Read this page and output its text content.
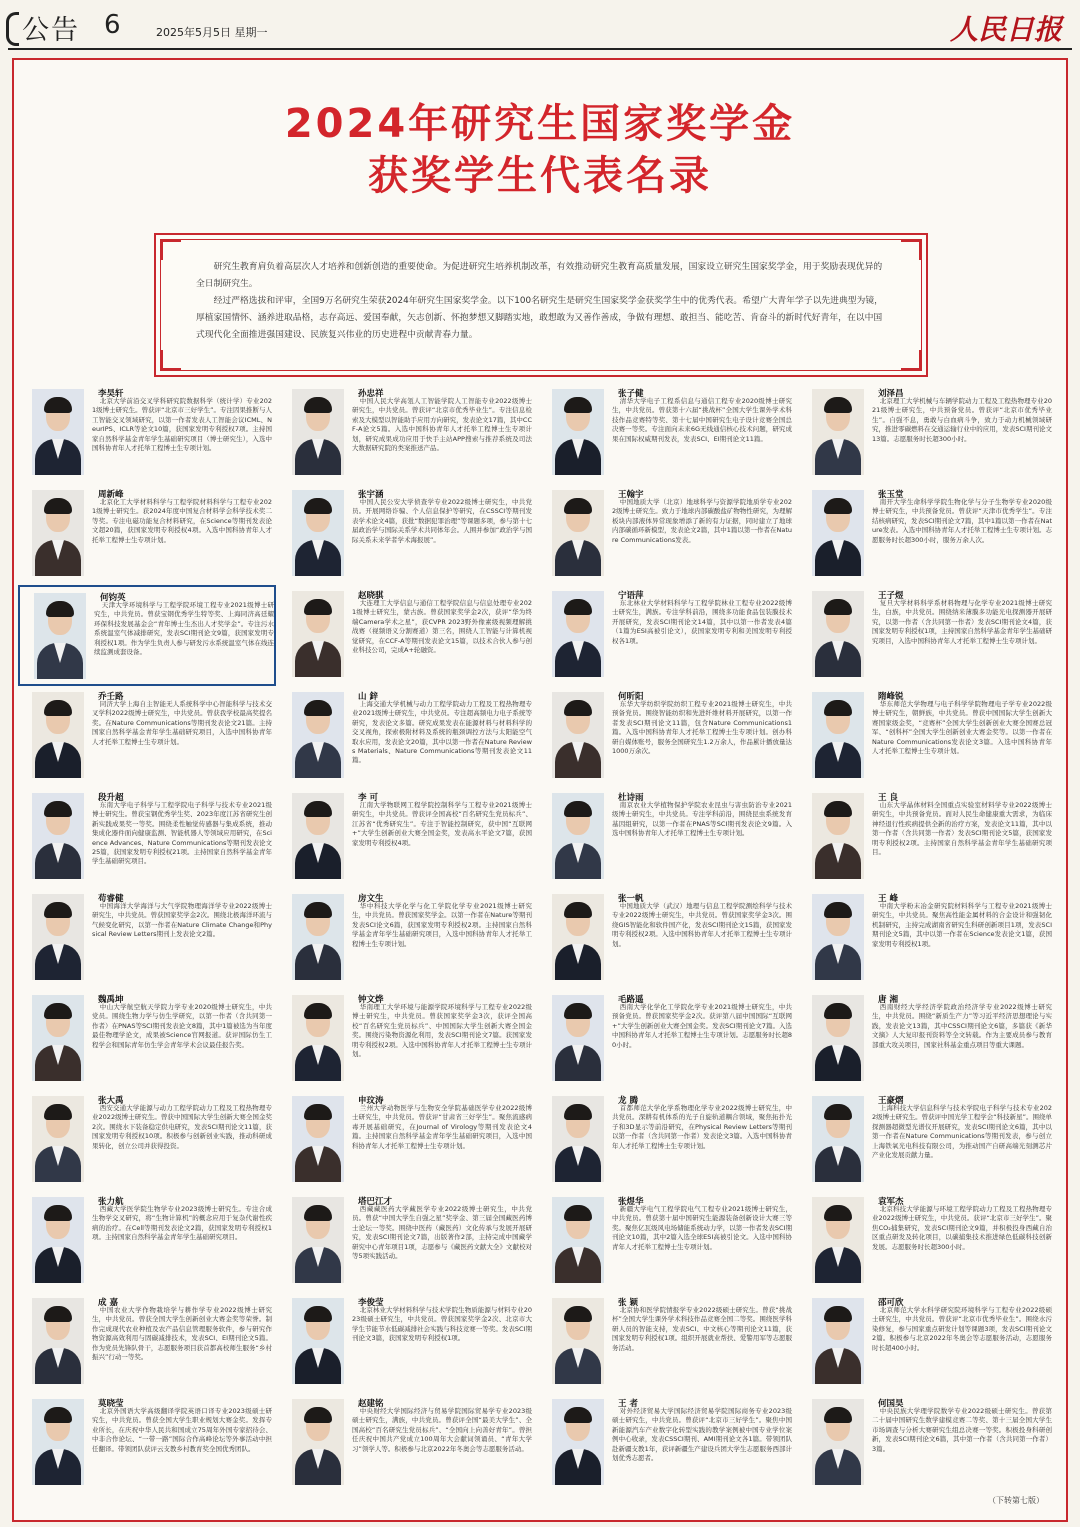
公告 6	2025年5月5日 星期一	人民日报
2024年研究生国家奖学金
获奖学生代表名录

研究生教育肩负着高层次人才培养和创新创造的重要使命。为促进研究生培养机制改革，有效推动研究生教育高质量发展，国家设立研究生国家奖学金，用于奖励表现优异的全日制研究生。

经过严格选拔和评审，全国9万名研究生荣获2024年研究生国家奖学金。以下100名研究生是研究生国家奖学金获奖学生中的优秀代表。希望广大青年学子以先进典型为镜，厚植家国情怀、涵养进取品格，志存高远、爱国奉献，矢志创新、怀抱梦想又脚踏实地，敢想敢为又善作善成，争做有理想、敢担当、能吃苦、肯奋斗的新时代好青年，在以中国式现代化全面推进强国建设、民族复兴伟业的历史进程中贡献青春力量。

李昊轩
北京大学前沿交叉学科研究院数据科学（统计学）专业2021级博士研究生。曾获评“北京市三好学生”。专注因果推断与人工智能交叉领域研究，以第一作者发表人工智能会议ICML、NeurIPS、ICLR等论文10篇，获国家发明专利授权7项。主持国家自然科学基金青年学生基础研究项目（博士研究生），入选中国科协青年人才托举工程博士生专项计划。
孙忠祥
中国人民大学高瓴人工智能学院人工智能专业2022级博士研究生，中共党员。曾获评“北京市优秀毕业生”。专注信息检索及大模型以智能助手应用方向研究，发表论文17篇，其中CCF-A论文5篇。入选中国科协青年人才托举工程博士生专项计划，研究成果成功应用于快手主站APP搜索与推荐系统及司法大数据研究院的类案推送产品。
张子健
清华大学电子工程系信息与通信工程专业2020级博士研究生，中共党员。曾获第十六届“挑战杯”全国大学生课外学术科技作品竞赛特等奖、第十七届中国研究生电子设计竞赛全国总决赛一等奖。专注面向未来6G无线通信核心技术问题，研究成果在国际权威期刊发表，发表SCI、EI期刊论文11篇。
刘泽昌
北京理工大学机械与车辆学院动力工程及工程热物理专业2021级博士研究生，中共预备党员。曾获评“北京市优秀毕业生”。自强不息，勇敢与白血病斗争，致力于动力机械领域研究，推进零碳燃料在交通运输行业中的应用，发表SCI期刊论文13篇。志愿服务时长超300小时。
周新峰
北京化工大学材料科学与工程学院材料科学与工程专业2021级博士研究生。获2024年度中国复合材料学会科学技术奖二等奖。专注电磁功能复合材料研究，在Science等期刊发表论文超20篇，获国家发明专利授权4项。入选中国科协青年人才托举工程博士生专项计划。
张宇涵
中国人民公安大学侦查学专业2022级博士研究生，中共党员。开展网络诈骗、个人信息保护等研究，在CSSCI等期刊发表学术论文4篇，获批“数据犯罪治理”等课题多项，参与第十七届政治学与国际关系学术共同体年会。人围并参加“政治学与国际关系未来学者学术海报展”。
王翰宇
中国地质大学（北京）地球科学与资源学院地质学专业2022级博士研究生。致力于地球内部碳酸盐矿物物性研究，为理解板块内部液体异常现象增添了新的有力证据，同时建立了地球内部碳循环新模型，发表论文2篇，其中1篇以第一作者在Nature Communications发表。
张玉堂
南开大学生命科学学院生物化学与分子生物学专业2020级博士研究生，中共预备党员。曾获评“天津市优秀学生”。专注结核病研究，发表SCI期刊论文7篇，其中1篇以第一作者在Nature发表。入选中国科协青年人才托举工程博士生专项计划。志愿服务时长超300小时，服务万余人次。
何钧英
天津大学环境科学与工程学院环境工程专业2021级博士研究生，中共党员。曾获宝钢优秀学生特等奖、上海同济高廷耀环保科技发展基金会“青年博士生杰出人才奖学金”。专注污水系统温室气体减排研究，发表SCI期刊论文9篇，获国家发明专利授权1项。作为学生负责人参与研发污水系统温室气体在线连续监测成套设备。
赵晓骐
大连理工大学信息与通信工程学院信息与信息处理专业2021级博士研究生，蒙古族。曾获国家奖学金2次，获评“华为终端Camera学术之星”，获CVPR 2023野外像素级视频理解挑战赛（视频语义分割赛道）第三名，围绕人工智能与计算机视觉研究，在CCF-A等期刊发表论文15篇，以技术合伙人参与创业科技公司，完成A+轮融资。
宁语萍
东北林业大学材料科学与工程学院林业工程专业2022级博士研究生，满族。专注学科前沿，围绕多功能食品包装膜技术开展研究，发表SCI期刊论文14篇，其中以第一作者发表4篇（1篇为ESI高被引论文），获国家发明专利和美国发明专利授权各1项。
王子煜
复旦大学材料科学系材料物理与化学专业2021级博士研究生，白族，中共党员。围绕纳米薄膜多功能光电探测器开展研究，以第一作者（含共同第一作者）发表SCI期刊论文4篇，获国家发明专利授权1项，主持国家自然科学基金青年学生基础研究项目，入选中国科协青年人才托举工程博士生专项计划。
乔壬路
同济大学上海自主智能无人系统科学中心智能科学与技术交叉学科2022级博士研究生，中共党员。曾获我学校最高奖提名奖。在Nature Communications等期刊发表论文21篇。主持国家自然科学基金青年学生基础研究项目，入选中国科协青年人才托举工程博士生专项计划。
山 鋅
上海交通大学机械与动力工程学院动力工程及工程热物理专业2021级博士研究生，中共党员。专注超高频电力电子系统等研究，发表论文多篇。研究成果发表在能源材料与材料科学的交叉视角，探索极附材料及系统的瓶颈调控方法与太阳能空气取水应用，发表论文20篇，其中以第一作者在Nature Reviews Materials、Nature Communications等期刊发表论文11篇。
何昕阳
东华大学纺织学院纺织工程专业2021级博士研究生，中共预备党员。围绕智能纺织和先进纤维材料开展研究，以第一作者发表SCI期刊论文11篇，包含Nature Communications1篇。入选中国科协青年人才托举工程博士生专项计划。创办科研自媒体账号，服务全国研究生1.2万余人，作品累计播放量达1000万余次。
隋峰锐
华东师范大学物理与电子科学学院物理电子学专业2022级博士研究生，朝鲜族，中共党员。曾获中国国际大学生创新大赛国家级金奖，“竞赛杯”全国大学生创新创业大赛全国赛总冠军、“创科杯”全国大学生创新创业大赛金奖等。以第一作者在Nature Communications发表论文3篇。入选中国科协青年人才托举工程博士生专项计划。
段升超
东南大学电子科学与工程学院电子科学与技术专业2021级博士研究生。曾获宝钢优秀学生奖、2023年度江苏省研究生创新实践成果奖一等奖。围绕柔性触觉传感器与集成系统，推动集成化器件面向健康监测、智能机器人等领域应用研究，在Science Advances、Nature Communications等期刊发表论文25篇，获国家发明专利授权21项。主持国家自然科学基金青年学生基础研究项目。
李 可
江南大学物联网工程学院控制科学与工程专业2021级博士研究生，中共党员。曾获评全国高校“百名研究生党员标兵”、江苏省“优秀研究生”。专注于智能控制研究，获中国“互联网+”大学生创新创业大赛全国金奖，发表高水平论文7篇，获国家发明专利授权4项。
杜诗雨
南京农业大学植物保护学院农业昆虫与害虫防治专业2021级博士研究生，中共党员。专注学科前沿，围绕昆虫系统发育基因组研究，以第一作者在PNAS等SCI期刊发表论文9篇。入选中国科协青年人才托举工程博士生专项计划。
王 良
山东大学晶体材料全国重点实验室材料学专业2022级博士研究生，中共预备党员。面对人民生命健康重大需求，为临床神经退行性疾病提供全新的治疗方案，发表论文11篇，其中以第一作者（含共同第一作者）发表SCI期刊论文5篇，获国家发明专利授权2项。主持国家自然科学基金青年学生基础研究项目。
苟睿健
中国海洋大学海洋与大气学院物理海洋学专业2022级博士研究生，中共党员。曾获国家奖学金2次。围绕北极海洋环流与气候变化研究，以第一作者在Nature Climate Change和Physical Review Letters期刊上发表论文2篇。
房文生
华中科技大学化学与化工学院化学专业2021级博士研究生，中共党员。曾获国家奖学金。以第一作者在Nature等期刊发表SCI论文6篇，获国家发明专利授权2项。主持国家自然科学基金青年学生基础研究项目，入选中国科协青年人才托举工程博士生专项计划。
张一帆
中国地质大学（武汉）地理与信息工程学院测绘科学与技术专业2022级博士研究生，中共党员。曾获国家奖学金3次。围绕GIS智能化和软件国产化，发表SCI期刊论文15篇，获国家发明专利授权2项。入选中国科协青年人才托举工程博士生专项计划。
王 峰
中南大学粉末冶金研究院材料科学与工程专业2021级博士研究生，中共党员。聚焦高性能金属材料的合金设计和强韧化机制研究，主持完成湖南省研究生科研创新项目1项，发表SCI期刊论文5篇，其中以第一作者在Science发表论文1篇，获国家发明专利授权1项。
魏禹坤
中山大学航空航天学院力学专业2020级博士研究生，中共党员。围绕生物力学与仿生学研究，以第一作者（含共同第一作者）在PNAS等SCI期刊发表论文8篇，其中1篇被选为当年度最佳物理学论文，成果被Science官网报道。获评国际仿生工程学会和国际青年仿生学会青年学术会议最佳报告奖。
钟文烨
华南理工大学环境与能源学院环境科学与工程专业2022级博士研究生，中共党员。曾获国家奖学金3次，获评全国高校“百名研究生党员标兵”、中国国际大学生创新大赛全国金奖。围绕污染物资源化利用，发表SCI期刊论文7篇。获国家发明专利授权2项。入选中国科协青年人才托举工程博士生专项计划。
毛路遥
西南大学化学化工学院化学专业2021级博士研究生，中共预备党员。曾获国家奖学金2次。获评第八届中国国际“互联网+”大学生创新创业大赛全国金奖。发表SCI期刊论文7篇。入选中国科协青年人才托举工程博士生专项计划。志愿服务时长超80小时。
唐 湘
西南财经大学经济学院政治经济学专业2022级博士研究生，中共党员。围绕“新质生产力”等习近平经济思想理论与实践，发表论文13篇，其中CSSCI期刊论文6篇，多篇获《新华文摘》人大复印报刊资料等全文转载。作为主要成员参与教育部重大攻关项目，国家社科基金重点项目等重大课题。
张大禹
西安交通大学能源与动力工程学院动力工程及工程热物理专业2022级博士研究生。曾获中国国际大学生创新大赛全国金奖2次。围绕水下装备稳定供电研究，发表SCI期刊论文11篇，获国家发明专利授权10项。积极参与创新创业实践，推动科研成果转化，创立公司并获得投资。
申玟涛
兰州大学动物医学与生物安全学院基础医学专业2022级博士研究生，中共党员。曾获评“甘肃省三好学生”。聚焦流感病毒开展基础研究，在Journal of Virology等期刊发表论文4篇。主持国家自然科学基金青年学生基础研究项目，入选中国科协青年人才托举工程博士生专项计划。
龙 腾
首都师范大学化学系物理化学专业2022级博士研究生，中共党员。深耕有机体系的光子自旋轨道耦合领域，聚焦拓扑光子和3D显示等前沿研究，在Physical Review Letters等期刊以第一作者（含共同第一作者）发表论文3篇。入选中国科协青年人才托举工程博士生专项计划。
王豪熠
上海科技大学信息科学与技术学院电子科学与技术专业2022级博士研究生。曾获评中国光学工程学会“科技新星”。围绕单探测器超微型光谱仪开展研究，发表SCI期刊论文6篇，其中以第一作者在Nature Communications等期刊发表，参与创立上海铁氧光电科技有限公司，为推动国产自研高端光刻测芯片产业化发展贡献力量。
张力航
西藏大学医学院生物学专业2023级博士研究生。专注合成生物学交叉研究，将“生物计算机”的概念应用于复杂代谢性疾病的治疗。在Cell等期刊发表论文2篇，获国家发明专利授权1项。主持国家自然科学基金青年学生基础研究项目。
塔巴江才
西藏藏医药大学藏医学专业2022级博士研究生，中共党员。曾获“中国大学生自强之星”奖学金、第三届全国藏医药博士论坛一等奖。围绕中医药（藏医药）文化传承与发展开展研究，发表SCI期刊论文7篇，出版著作2部，主持完成中国藏学研究中心青年项目1项，志愿参与《藏医药文献大全》文献校对等5项实践活动。
张煜华
新疆大学电气工程学院电气工程专业2021级博士研究生，中共党员。曾获第十届中国研究生能源装备创新设计大赛三等奖。聚焦亿瓦级风电场储能系统动力学，以第一作者发表SCI期刊论文10篇，其中2篇入选全球ESI高被引论文。入选中国科协青年人才托举工程博士生专项计划。
袁军杰
北京科技大学能源与环境工程学院动力工程及工程热物理专业2022级博士研究生，中共党员。获评“北京市三好学生”。聚焦CO₂捕集研究，发表SCI期刊论文9篇，并积极投身西藏自治区重点研发及转化项目，以碳捕集技术推进绿色低碳科技创新发展。志愿服务时长超300小时。
成 嘉
中国农业大学作物栽培学与耕作学专业2022级博士研究生，中共党员。曾获全国大学生创新创业大赛金奖等荣誉。制作完成现代农业种植及农产品信息管理服务软件，参与研究作物资源高效利用与固碳减排技术，发表SCI、EI期刊论文5篇。作为党员先锋队骨干，志愿服务项目获首都高校师生服务“乡村振兴”行动一等奖。
李俊莹
北京林业大学材料科学与技术学院生物质能源与材料专业2023级硕士研究生，中共党员。曾获国家奖学金2次、北京市大学生节能节水低碳减排社会实践与科技竞赛一等奖。发表SCI期刊论文3篇，获国家发明专利授权1项。
张 颖
北京协和医学院情报学专业2022级硕士研究生。曾获“挑战杯”全国大学生课外学术科技作品竞赛全国二等奖。围绕医学科研人员的智能支持，发表SCI、中文核心等期刊论文11篇，获国家发明专利授权1项。组织开展就业帮扶、爱警用军等志愿服务活动。
邵可欣
北京师范大学水科学研究院环境科学与工程专业2022级硕士研究生，中共党员。曾获评“北京市优秀毕业生”。围绕水污染修复，参与国家重点研发计划等课题3项，发表SCI期刊论文2篇。积极参与北京2022年冬奥会等志愿服务活动，志愿服务时长超400小时。
莫晓莹
北京外国语大学高级翻译学院英语口译专业2023级硕士研究生，中共党员。曾获全国大学生职业规划大赛金奖。发挥专业所长，在庆祝中华人民共和国成立75周年外国专家招待会、中非合作论坛、“一带一路”国际合作高峰论坛等外事活动中担任翻译。带领团队获评云支教乡村教育奖全国优秀团队。
赵建铭
中央财经大学国际经济与贸易学院国际贸易学专业2023级硕士研究生，满族，中共党员。曾获评全国“最美大学生”、全国高校“百名研究生党员标兵”、“全国向上向善好青年”。曾担任庆祝中国共产党成立100周年大会献词领诵员、“青年大学习”领学人等。积极参与北京2022年冬奥会等志愿服务活动。
王 者
对外经济贸易大学国际经济贸易学院国际商务专业2023级硕士研究生，中共党员。曾获评“北京市三好学生”。聚焦中国新能源汽车产业数字化转型实践的教学案例被中国专业学位案例中心收录，发表CSSCI期刊、AMI期刊论文各1篇。带领团队赴新疆支教1年，获评新疆生产建设兵团大学生志愿服务西部计划优秀志愿者。
何国昊
中央民族大学理学院数学专业2022级硕士研究生。曾获第二十届中国研究生数学建模竞赛二等奖、第十三届全国大学生市场调查与分析大赛研究生组总决赛一等奖。积极投身科研创新，发表SCI期刊论文6篇，其中第一作者（含共同第一作者）3篇。
（下转第七版）
